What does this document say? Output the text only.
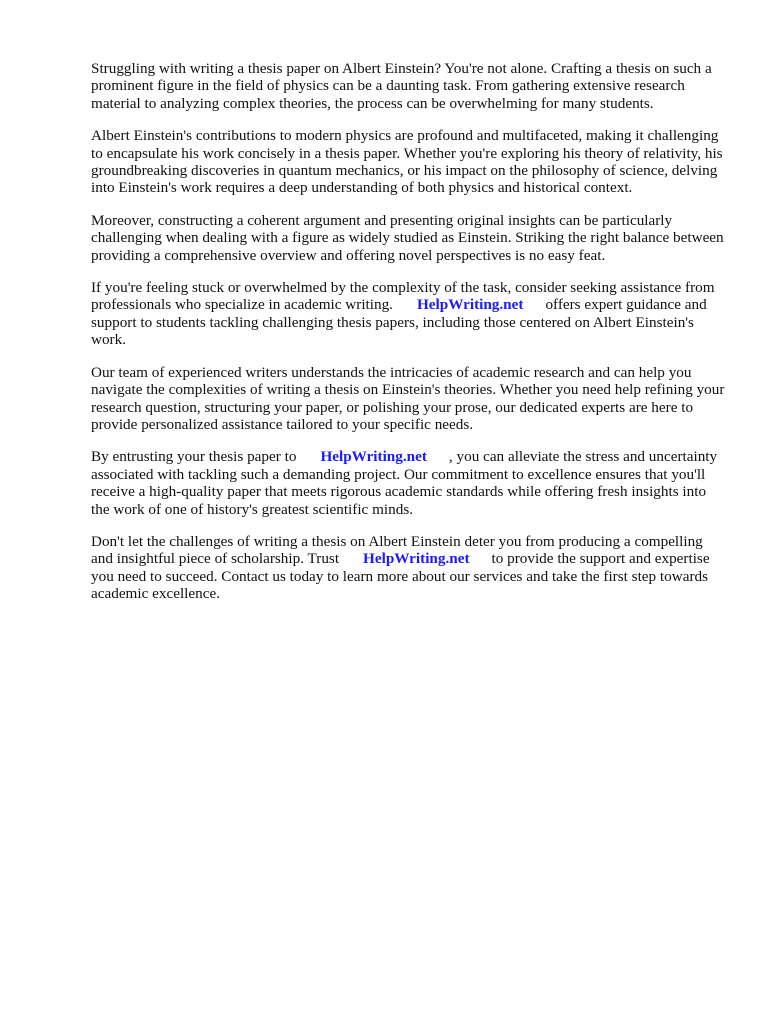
Struggling with writing a thesis paper on Albert Einstein? You're not alone. Crafting a thesis on such a prominent figure in the field of physics can be a daunting task. From gathering extensive research material to analyzing complex theories, the process can be overwhelming for many students.

Albert Einstein's contributions to modern physics are profound and multifaceted, making it challenging to encapsulate his work concisely in a thesis paper. Whether you're exploring his theory of relativity, his groundbreaking discoveries in quantum mechanics, or his impact on the philosophy of science, delving into Einstein's work requires a deep understanding of both physics and historical context.

Moreover, constructing a coherent argument and presenting original insights can be particularly challenging when dealing with a figure as widely studied as Einstein. Striking the right balance between providing a comprehensive overview and offering novel perspectives is no easy feat.

If you're feeling stuck or overwhelmed by the complexity of the task, consider seeking assistance from professionals who specialize in academic writing. HelpWriting.net offers expert guidance and support to students tackling challenging thesis papers, including those centered on Albert Einstein's work.

Our team of experienced writers understands the intricacies of academic research and can help you navigate the complexities of writing a thesis on Einstein's theories. Whether you need help refining your research question, structuring your paper, or polishing your prose, our dedicated experts are here to provide personalized assistance tailored to your specific needs.

By entrusting your thesis paper to HelpWriting.net , you can alleviate the stress and uncertainty associated with tackling such a demanding project. Our commitment to excellence ensures that you'll receive a high-quality paper that meets rigorous academic standards while offering fresh insights into the work of one of history's greatest scientific minds.

Don't let the challenges of writing a thesis on Albert Einstein deter you from producing a compelling and insightful piece of scholarship. Trust HelpWriting.net to provide the support and expertise you need to succeed. Contact us today to learn more about our services and take the first step towards academic excellence.
